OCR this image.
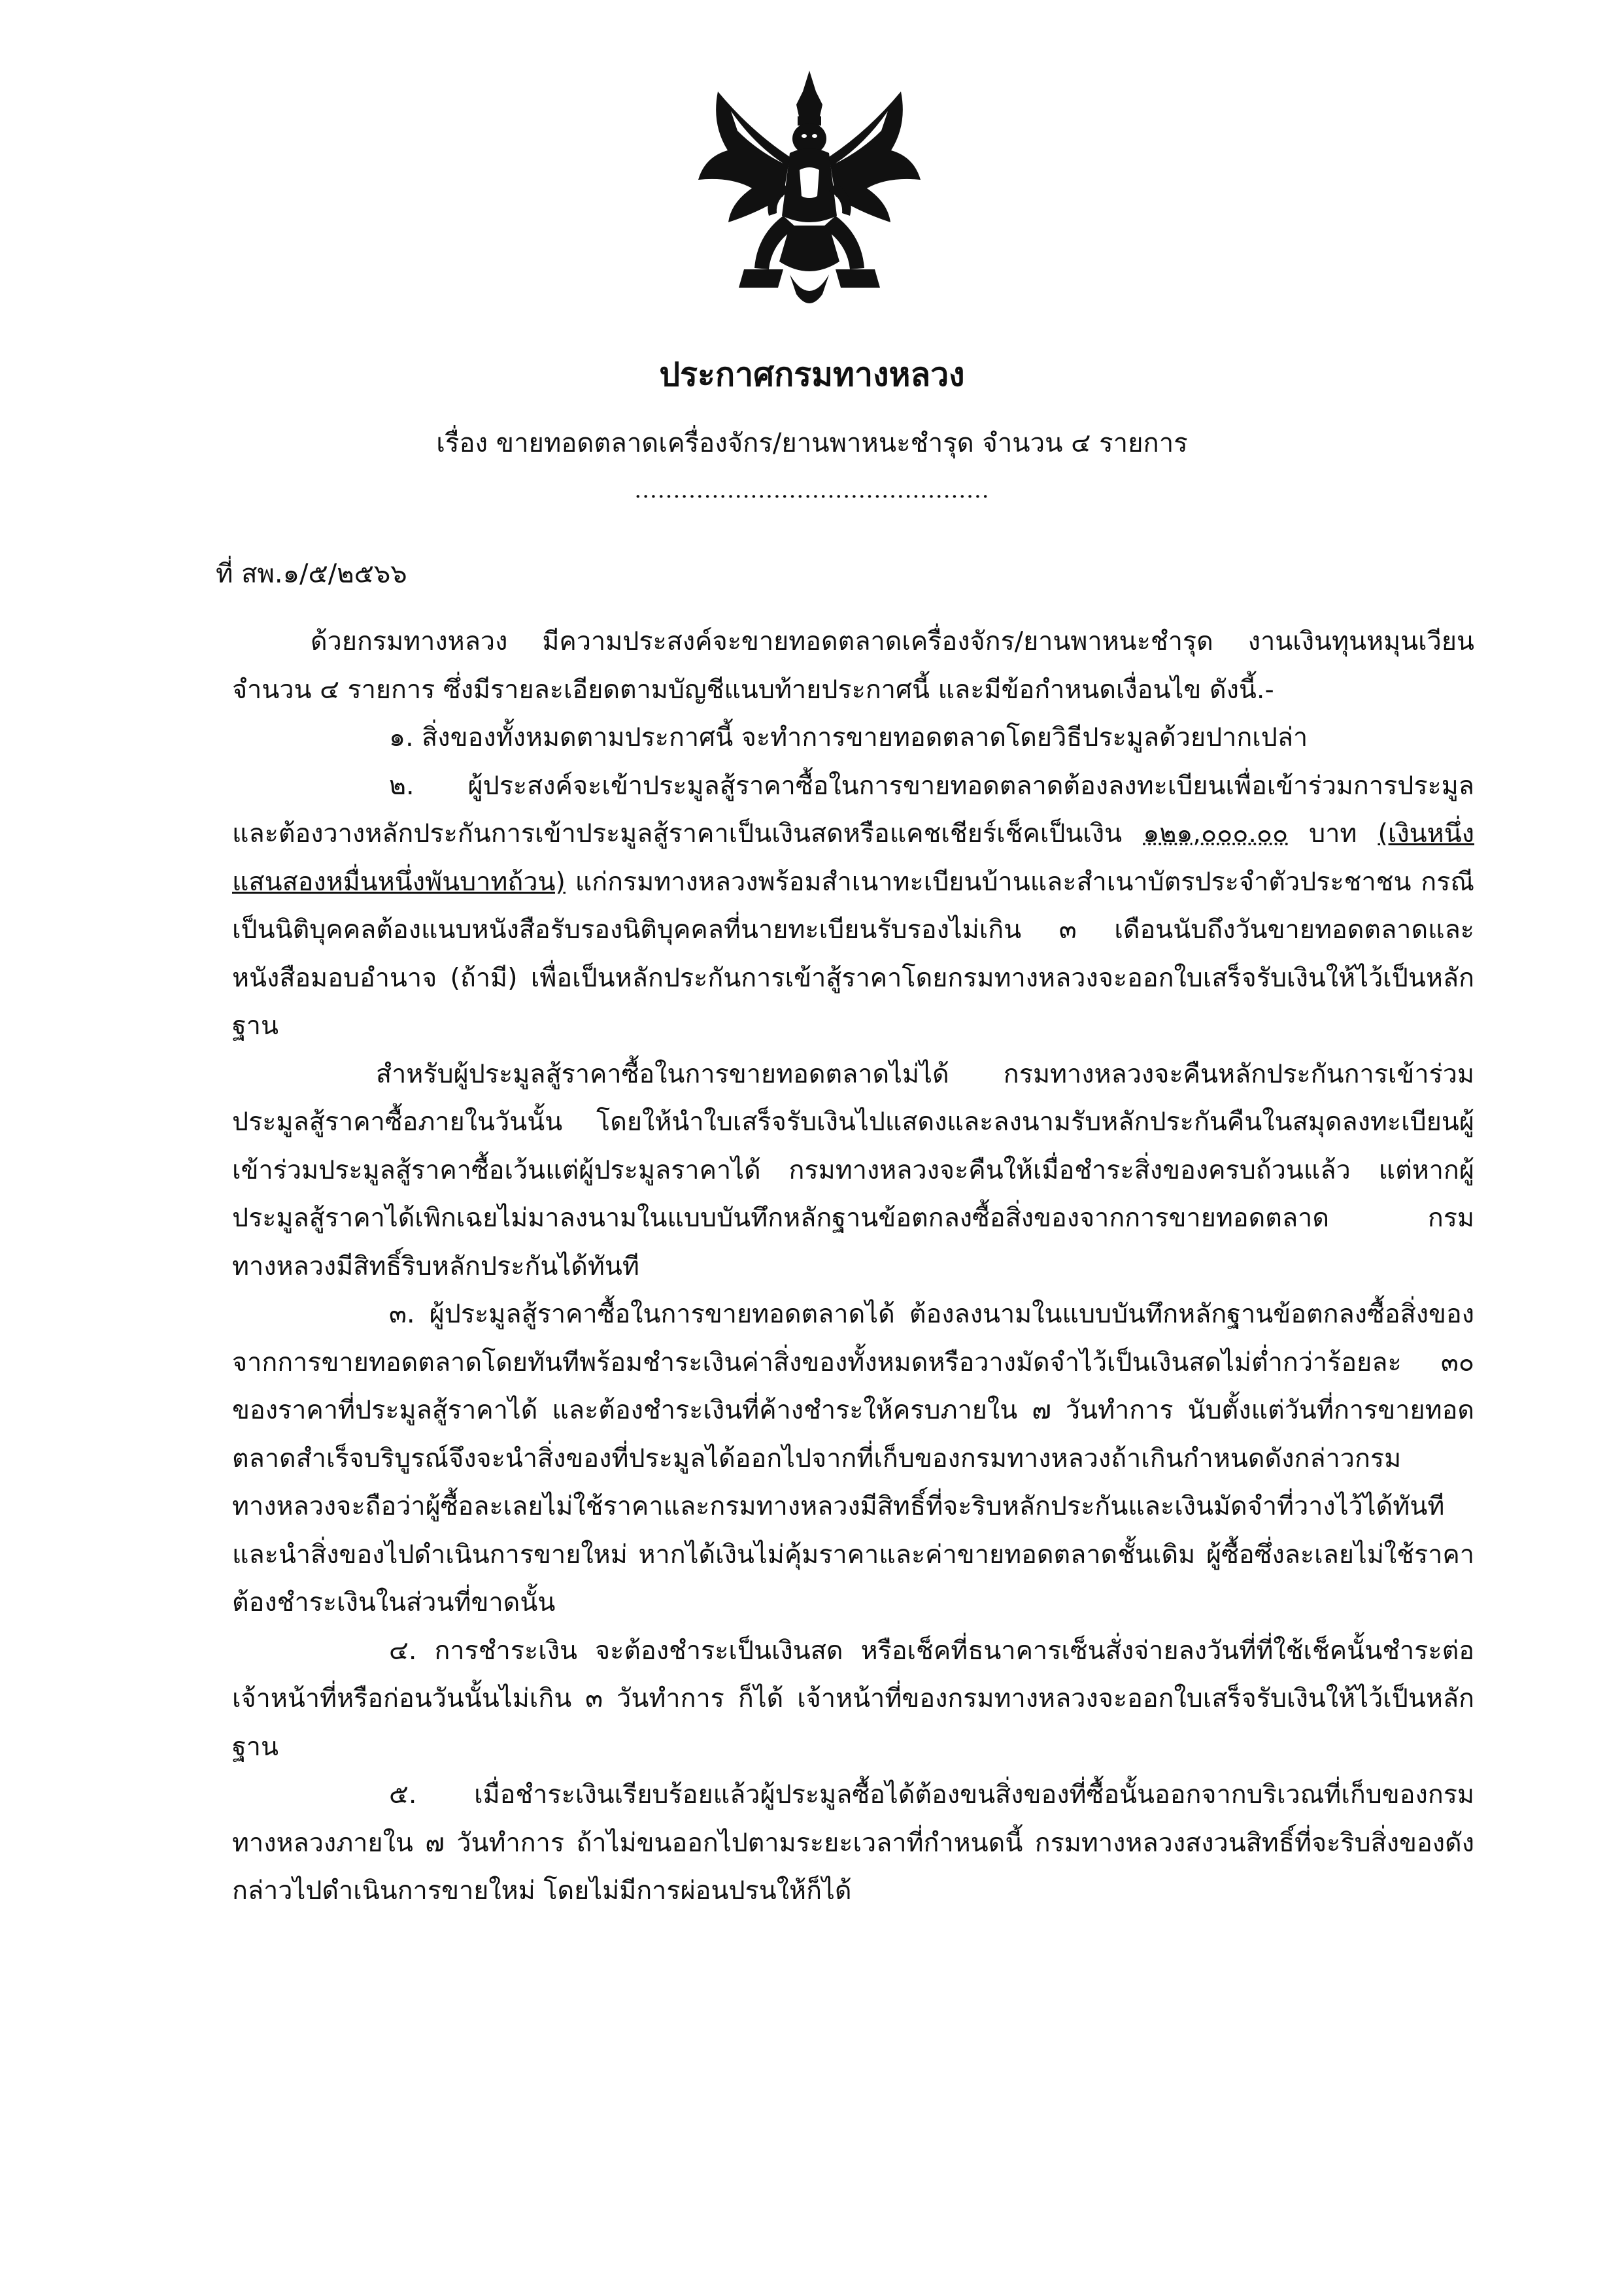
ประกาศกรมทางหลวง
เรื่อง ขายทอดตลาดเครื่องจักร/ยานพาหนะชำรุด จำนวน ๔ รายการ
..............................................
ที่ สพ.๑/๕/๒๕๖๖

ด้วยกรมทางหลวง มีความประสงค์จะขายทอดตลาดเครื่องจักร/ยานพาหนะชำรุด งานเงินทุนหมุนเวียน จำนวน ๔ รายการ ซึ่งมีรายละเอียดตามบัญชีแนบท้ายประกาศนี้ และมีข้อกำหนดเงื่อนไข ดังนี้.-

๑. สิ่งของทั้งหมดตามประกาศนี้ จะทำการขายทอดตลาดโดยวิธีประมูลด้วยปากเปล่า

๒. ผู้ประสงค์จะเข้าประมูลสู้ราคาซื้อในการขายทอดตลาดต้องลงทะเบียนเพื่อเข้าร่วมการประมูลและต้องวางหลักประกันการเข้าประมูลสู้ราคาเป็นเงินสดหรือแคชเชียร์เช็คเป็นเงิน ๑๒๑,๐๐๐.๐๐ บาท (เงินหนึ่งแสนสองหมื่นหนึ่งพันบาทถ้วน) แก่กรมทางหลวงพร้อมสำเนาทะเบียนบ้านและสำเนาบัตรประจำตัวประชาชน กรณีเป็นนิติบุคคลต้องแนบหนังสือรับรองนิติบุคคลที่นายทะเบียนรับรองไม่เกิน ๓ เดือนนับถึงวันขายทอดตลาดและหนังสือมอบอำนาจ (ถ้ามี) เพื่อเป็นหลักประกันการเข้าสู้ราคาโดยกรมทางหลวงจะออกใบเสร็จรับเงินให้ไว้เป็นหลักฐาน

สำหรับผู้ประมูลสู้ราคาซื้อในการขายทอดตลาดไม่ได้ กรมทางหลวงจะคืนหลักประกันการเข้าร่วมประมูลสู้ราคาซื้อภายในวันนั้น โดยให้นำใบเสร็จรับเงินไปแสดงและลงนามรับหลักประกันคืนในสมุดลงทะเบียนผู้เข้าร่วมประมูลสู้ราคาซื้อเว้นแต่ผู้ประมูลราคาได้ กรมทางหลวงจะคืนให้เมื่อชำระสิ่งของครบถ้วนแล้ว แต่หากผู้ประมูลสู้ราคาได้เพิกเฉยไม่มาลงนามในแบบบันทึกหลักฐานข้อตกลงซื้อสิ่งของจากการขายทอดตลาด กรมทางหลวงมีสิทธิ์ริบหลักประกันได้ทันที

๓. ผู้ประมูลสู้ราคาซื้อในการขายทอดตลาดได้ ต้องลงนามในแบบบันทึกหลักฐานข้อตกลงซื้อสิ่งของจากการขายทอดตลาดโดยทันทีพร้อมชำระเงินค่าสิ่งของทั้งหมดหรือวางมัดจำไว้เป็นเงินสดไม่ต่ำกว่าร้อยละ ๓๐ ของราคาที่ประมูลสู้ราคาได้ และต้องชำระเงินที่ค้างชำระให้ครบภายใน ๗ วันทำการ นับตั้งแต่วันที่การขายทอดตลาดสำเร็จบริบูรณ์จึงจะนำสิ่งของที่ประมูลได้ออกไปจากที่เก็บของกรมทางหลวงถ้าเกินกำหนดดังกล่าวกรมทางหลวงจะถือว่าผู้ซื้อละเลยไม่ใช้ราคาและกรมทางหลวงมีสิทธิ์ที่จะริบหลักประกันและเงินมัดจำที่วางไว้ได้ทันทีและนำสิ่งของไปดำเนินการขายใหม่ หากได้เงินไม่คุ้มราคาและค่าขายทอดตลาดชั้นเดิม ผู้ซื้อซึ่งละเลยไม่ใช้ราคา ต้องชำระเงินในส่วนที่ขาดนั้น

๔. การชำระเงิน จะต้องชำระเป็นเงินสด หรือเช็คที่ธนาคารเซ็นสั่งจ่ายลงวันที่ที่ใช้เช็คนั้นชำระต่อเจ้าหน้าที่หรือก่อนวันนั้นไม่เกิน ๓ วันทำการ ก็ได้ เจ้าหน้าที่ของกรมทางหลวงจะออกใบเสร็จรับเงินให้ไว้เป็นหลักฐาน

๕. เมื่อชำระเงินเรียบร้อยแล้วผู้ประมูลซื้อได้ต้องขนสิ่งของที่ซื้อนั้นออกจากบริเวณที่เก็บของกรมทางหลวงภายใน ๗ วันทำการ ถ้าไม่ขนออกไปตามระยะเวลาที่กำหนดนี้ กรมทางหลวงสงวนสิทธิ์ที่จะริบสิ่งของดังกล่าวไปดำเนินการขายใหม่ โดยไม่มีการผ่อนปรนให้ก็ได้
